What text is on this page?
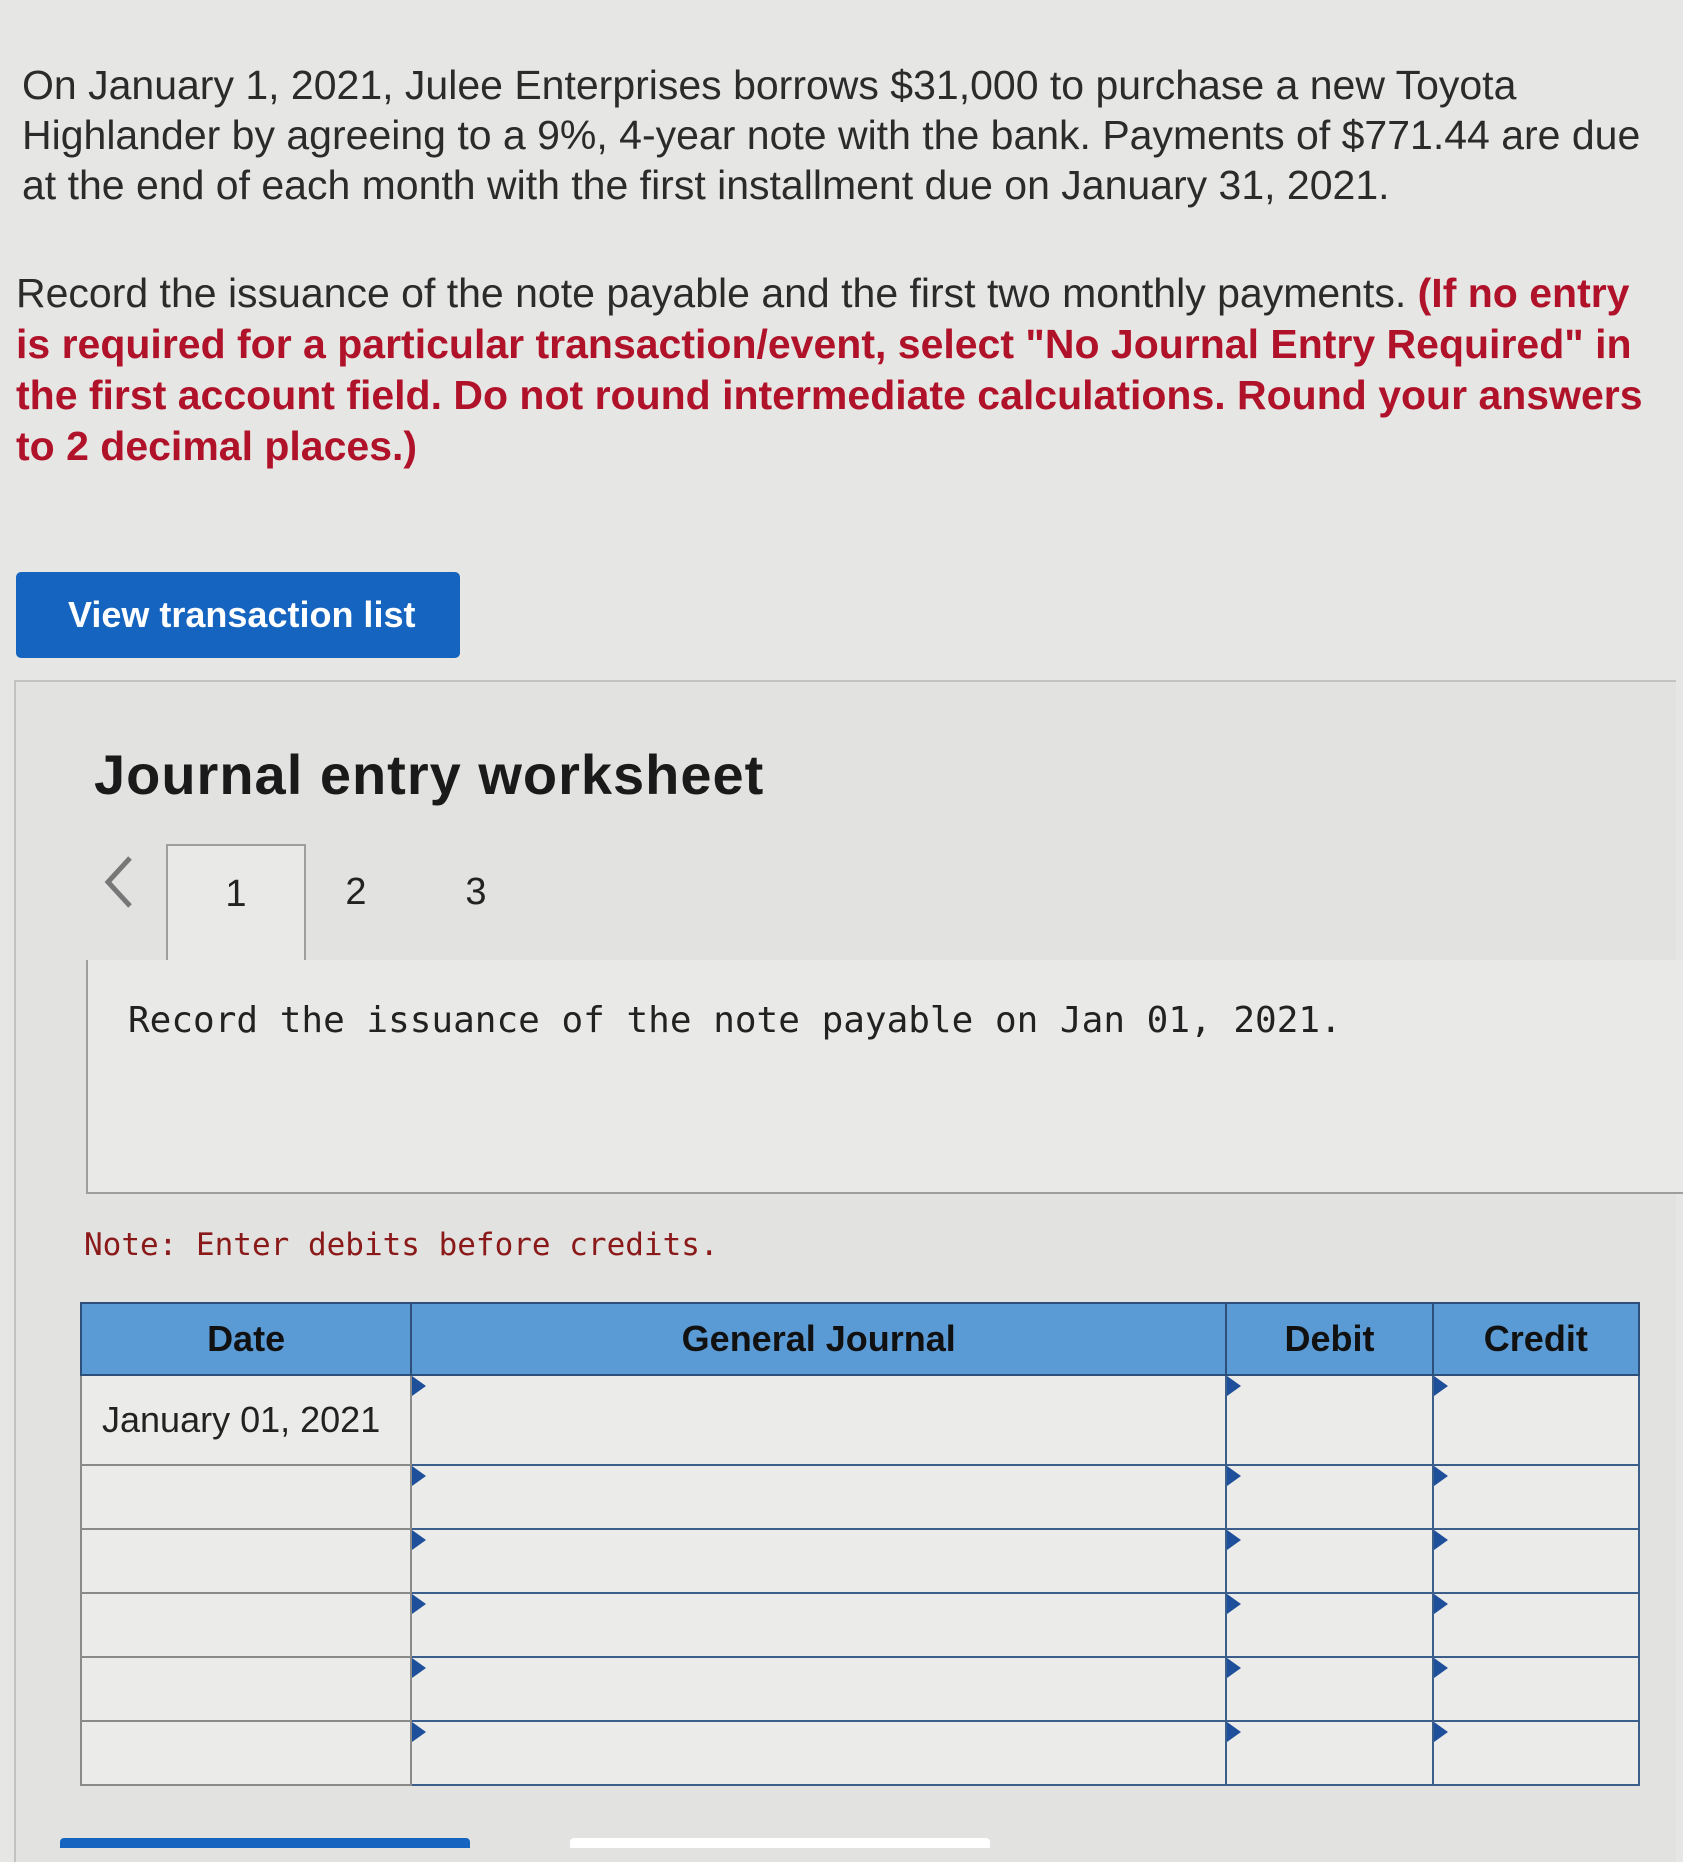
On January 1, 2021, Julee Enterprises borrows $31,000 to purchase a new Toyota Highlander by agreeing to a 9%, 4-year note with the bank. Payments of $771.44 are due at the end of each month with the first installment due on January 31, 2021.
Record the issuance of the note payable and the first two monthly payments. (If no entry is required for a particular transaction/event, select "No Journal Entry Required" in the first account field. Do not round intermediate calculations. Round your answers to 2 decimal places.)
View transaction list
Journal entry worksheet
1	2	3
Record the issuance of the note payable on Jan 01, 2021.
Note: Enter debits before credits.
Date	General Journal	Debit	Credit
January 01, 2021	
